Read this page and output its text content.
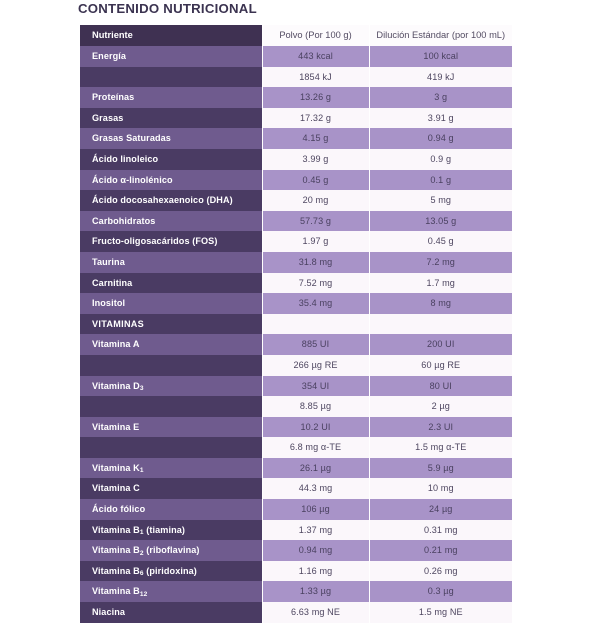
CONTENIDO NUTRICIONAL
Nutriente	Polvo (Por 100 g)	Dilución Estándar (por 100 mL)
Energía	443 kcal	100 kcal
	1854 kJ	419 kJ
Proteínas	13.26 g	3 g
Grasas	17.32 g	3.91 g
Grasas Saturadas	4.15 g	0.94 g
Ácido linoleico	3.99 g	0.9 g
Ácido α-linolénico	0.45 g	0.1 g
Ácido docosahexaenoico (DHA)	20 mg	5 mg
Carbohidratos	57.73 g	13.05 g
Fructo-oligosacáridos (FOS)	1.97 g	0.45 g
Taurina	31.8 mg	7.2 mg
Carnitina	7.52 mg	1.7 mg
Inositol	35.4 mg	8 mg
VITAMINAS		
Vitamina A	885 UI	200 UI
	266 µg RE	60 µg RE
Vitamina $D_3$	354 UI	80 UI
	8.85 µg	2 µg
Vitamina E	10.2 UI	2.3 UI
	6.8 mg α-TE	1.5 mg α-TE
Vitamina $K_1$	26.1 µg	5.9 µg
Vitamina C	44.3 mg	10 mg
Ácido fólico	106 µg	24 µg
Vitamina $B_1$ (tiamina)	1.37 mg	0.31 mg
Vitamina $B_2$ (riboflavina)	0.94 mg	0.21 mg
Vitamina $B_6$ (piridoxina)	1.16 mg	0.26 mg
Vitamina $B_{12}$	1.33 µg	0.3 µg
Niacina	6.63 mg NE	1.5 mg NE
